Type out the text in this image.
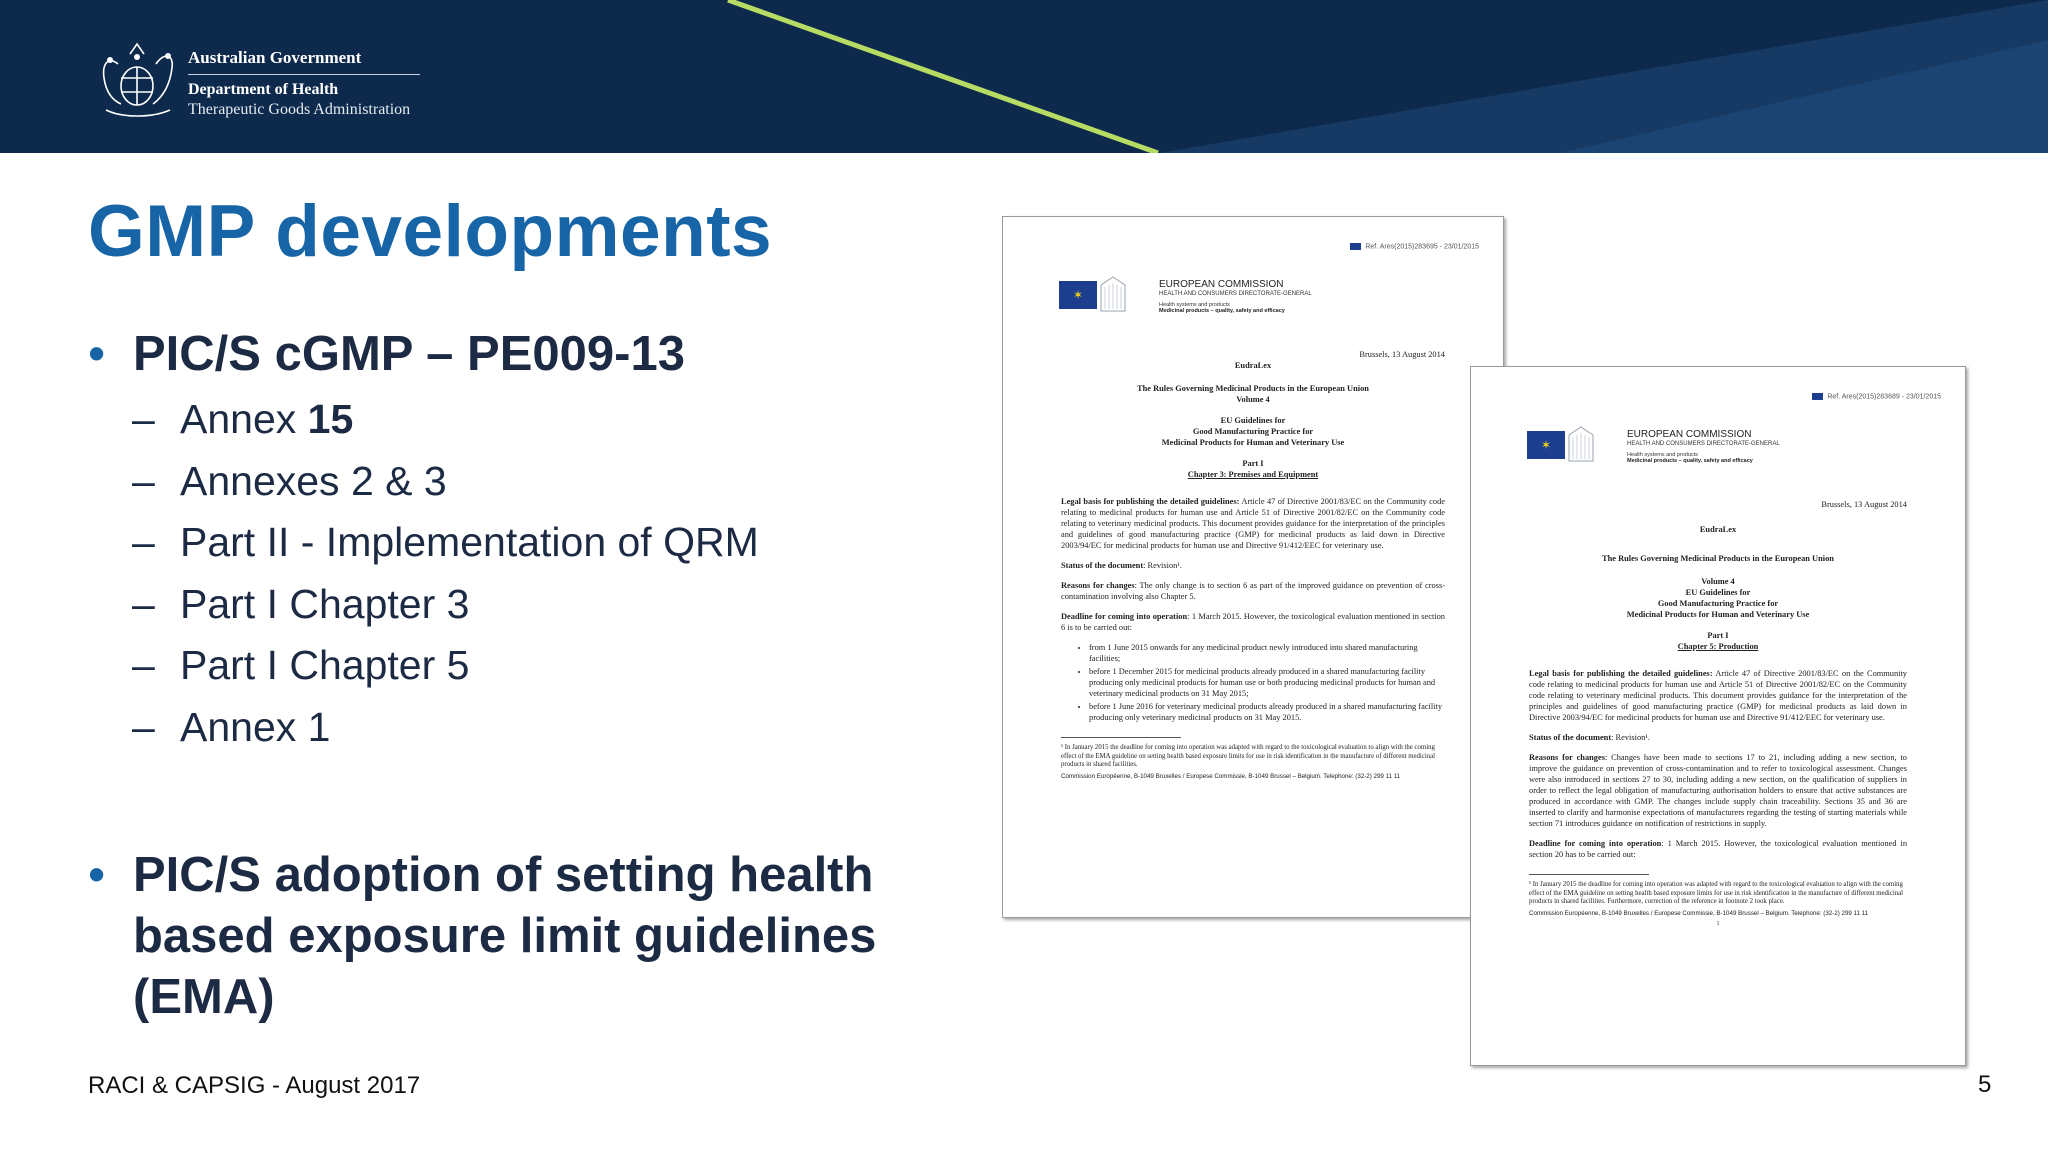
Australian Government
Department of Health
Therapeutic Goods Administration
GMP developments
• PIC/S cGMP – PE009-13
– Annex 15
– Annexes 2 & 3
– Part II - Implementation of QRM
– Part I Chapter 3
– Part I Chapter 5
– Annex 1
• PIC/S adoption of setting health based exposure limit guidelines (EMA)
Ref. Ares(2015)283695 - 23/01/2015
✶
EUROPEAN COMMISSION
HEALTH AND CONSUMERS DIRECTORATE-GENERAL
Health systems and products
Medicinal products – quality, safety and efficacy
Brussels, 13 August 2014
EudraLex
The Rules Governing Medicinal Products in the European Union
Volume 4
EU Guidelines for
Good Manufacturing Practice for
Medicinal Products for Human and Veterinary Use
Part I
Chapter 3: Premises and Equipment

Legal basis for publishing the detailed guidelines: Article 47 of Directive 2001/83/EC on the Community code relating to medicinal products for human use and Article 51 of Directive 2001/82/EC on the Community code relating to veterinary medicinal products. This document provides guidance for the interpretation of the principles and guidelines of good manufacturing practice (GMP) for medicinal products as laid down in Directive 2003/94/EC for medicinal products for human use and Directive 91/412/EEC for veterinary use.

Status of the document: Revision¹.

Reasons for changes: The only change is to section 6 as part of the improved guidance on prevention of cross-contamination involving also Chapter 5.

Deadline for coming into operation: 1 March 2015. However, the toxicological evaluation mentioned in section 6 is to be carried out:

• from 1 June 2015 onwards for any medicinal product newly introduced into shared manufacturing facilities;
• before 1 December 2015 for medicinal products already produced in a shared manufacturing facility producing only medicinal products for human use or both producing medicinal products for human and veterinary medicinal products on 31 May 2015;
• before 1 June 2016 for veterinary medicinal products already produced in a shared manufacturing facility producing only veterinary medicinal products on 31 May 2015.
¹ In January 2015 the deadline for coming into operation was adapted with regard to the toxicological evaluation to align with the coming effect of the EMA guideline on setting health based exposure limits for use in risk identification in the manufacture of different medicinal products in shared facilities.
Commission Européenne, B-1049 Bruxelles / Europese Commissie, B-1049 Brussel – Belgium. Telephone: (32-2) 299 11 11
Ref. Ares(2015)283689 - 23/01/2015
✶
EUROPEAN COMMISSION
HEALTH AND CONSUMERS DIRECTORATE-GENERAL
Health systems and products
Medicinal products – quality, safety and efficacy
Brussels, 13 August 2014
EudraLex
The Rules Governing Medicinal Products in the European Union
Volume 4
EU Guidelines for
Good Manufacturing Practice for
Medicinal Products for Human and Veterinary Use
Part I
Chapter 5: Production

Legal basis for publishing the detailed guidelines: Article 47 of Directive 2001/83/EC on the Community code relating to medicinal products for human use and Article 51 of Directive 2001/82/EC on the Community code relating to veterinary medicinal products. This document provides guidance for the interpretation of the principles and guidelines of good manufacturing practice (GMP) for medicinal products as laid down in Directive 2003/94/EC for medicinal products for human use and Directive 91/412/EEC for veterinary use.

Status of the document: Revision¹.

Reasons for changes: Changes have been made to sections 17 to 21, including adding a new section, to improve the guidance on prevention of cross-contamination and to refer to toxicological assessment. Changes were also introduced in sections 27 to 30, including adding a new section, on the qualification of suppliers in order to reflect the legal obligation of manufacturing authorisation holders to ensure that active substances are produced in accordance with GMP. The changes include supply chain traceability. Sections 35 and 36 are inserted to clarify and harmonise expectations of manufacturers regarding the testing of starting materials while section 71 introduces guidance on notification of restrictions in supply.

Deadline for coming into operation: 1 March 2015. However, the toxicological evaluation mentioned in section 20 has to be carried out:

¹ In January 2015 the deadline for coming into operation was adapted with regard to the toxicological evaluation to align with the coming effect of the EMA guideline on setting health based exposure limits for use in risk identification in the manufacture of different medicinal products in shared facilities. Furthermore, correction of the reference in footnote 2 took place.
Commission Européenne, B-1049 Bruxelles / Europese Commissie, B-1049 Brussel – Belgium. Telephone: (32-2) 299 11 11
1
RACI & CAPSIG - August 2017	5
